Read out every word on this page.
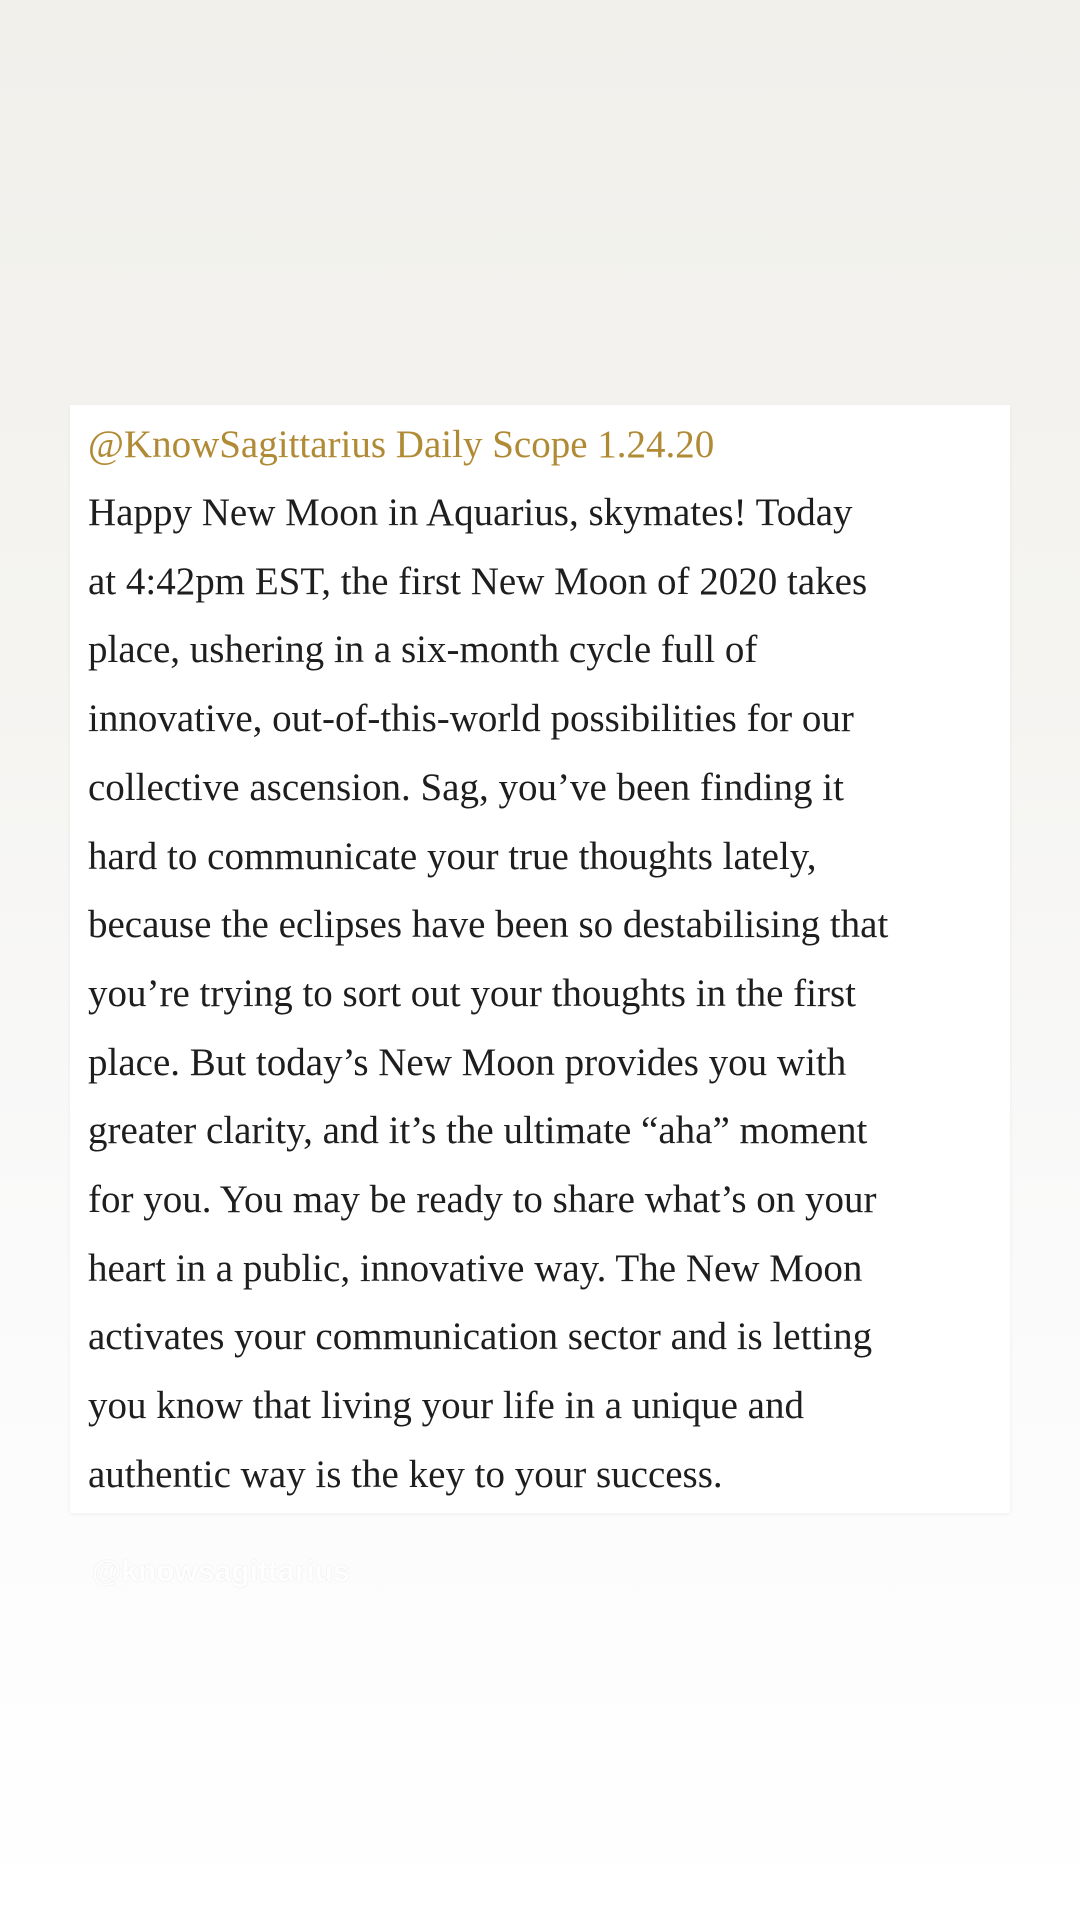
@KnowSagittarius Daily Scope 1.24.20

Happy New Moon in Aquarius, skymates! Today
at 4:42pm EST, the first New Moon of 2020 takes
place, ushering in a six-month cycle full of
innovative, out-of-this-world possibilities for our
collective ascension. Sag, you’ve been finding it
hard to communicate your true thoughts lately,
because the eclipses have been so destabilising that
you’re trying to sort out your thoughts in the first
place. But today’s New Moon provides you with
greater clarity, and it’s the ultimate “aha” moment
for you. You may be ready to share what’s on your
heart in a public, innovative way. The New Moon
activates your communication sector and is letting
you know that living your life in a unique and
authentic way is the key to your success.

@knowsagittarius
